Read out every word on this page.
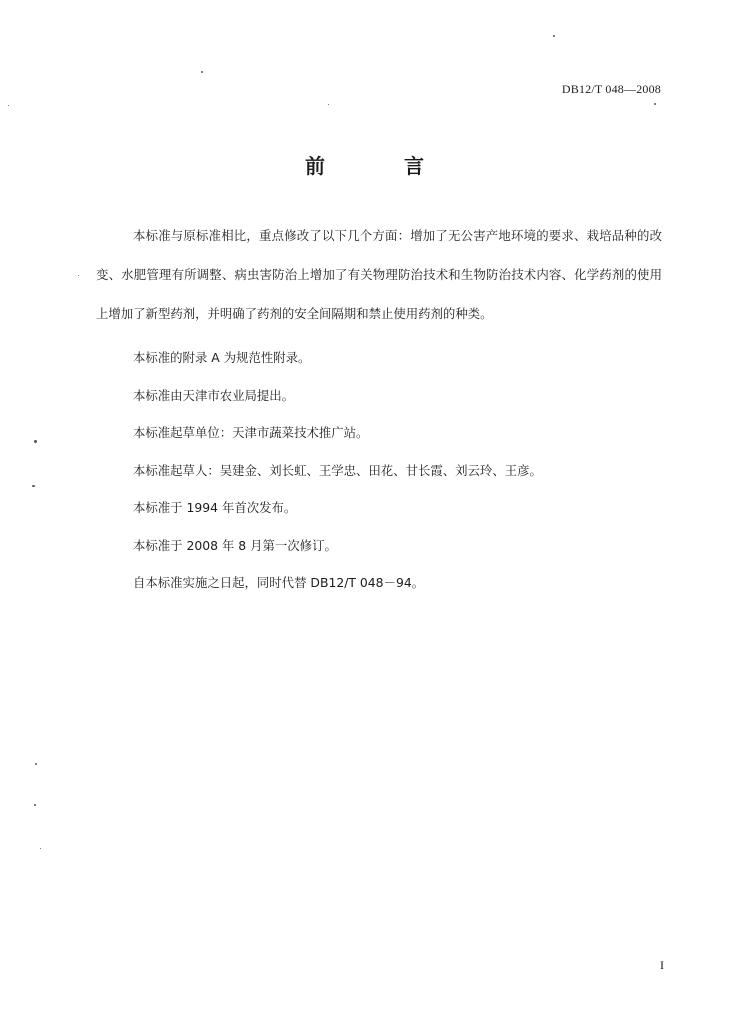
DB12/T 048—2008
前 言

本标准与原标准相比，重点修改了以下几个方面：增加了无公害产地环境的要求、栽培品种的改变、水肥管理有所调整、病虫害防治上增加了有关物理防治技术和生物防治技术内容、化学药剂的使用上增加了新型药剂，并明确了药剂的安全间隔期和禁止使用药剂的种类。

本标准的附录 A 为规范性附录。

本标准由天津市农业局提出。

本标准起草单位：天津市蔬菜技术推广站。

本标准起草人：吴建金、刘长虹、王学忠、田花、甘长霞、刘云玲、王彦。

本标准于 1994 年首次发布。

本标准于 2008 年 8 月第一次修订。

自本标准实施之日起，同时代替 DB12/T 048－94。

I
